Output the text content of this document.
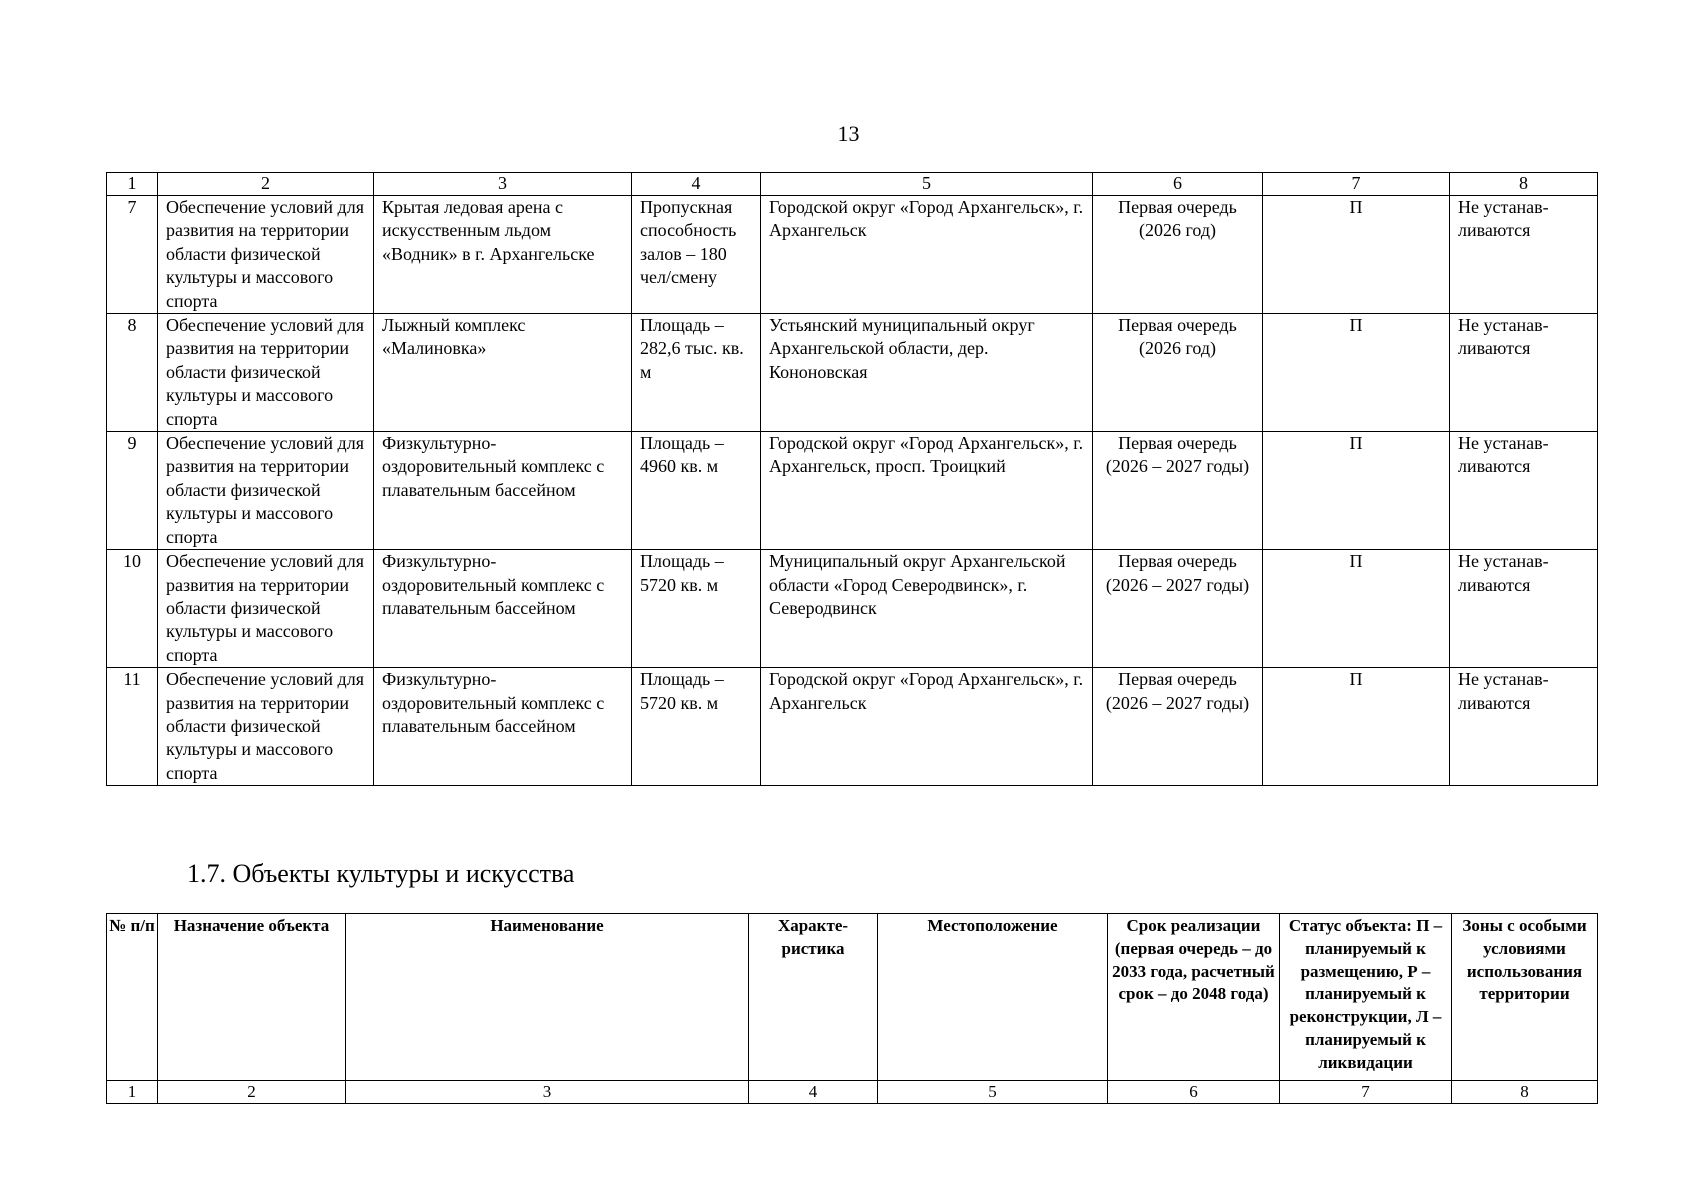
13
1	2	3	4	5	6	7	8
7	Обеспечение условий для развития на территории области физической культуры и массового спорта	Крытая ледовая арена с искусственным льдом «Водник» в г. Архангельске	Пропускная способность залов – 180 чел/смену	Городской округ «Город Архангельск», г. Архангельск	Первая очередь (2026 год)	П	Не устанав-ливаются
8	Обеспечение условий для развития на территории области физической культуры и массового спорта	Лыжный комплекс «Малиновка»	Площадь – 282,6 тыс. кв. м	Устьянский муниципальный округ Архангельской области, дер. Кононовская	Первая очередь (2026 год)	П	Не устанав-ливаются
9	Обеспечение условий для развития на территории области физической культуры и массового спорта	Физкультурно-оздоровительный комплекс с плавательным бассейном	Площадь – 4960 кв. м	Городской округ «Город Архангельск», г. Архангельск, просп. Троицкий	Первая очередь (2026 – 2027 годы)	П	Не устанав-ливаются
10	Обеспечение условий для развития на территории области физической культуры и массового спорта	Физкультурно-оздоровительный комплекс с плавательным бассейном	Площадь – 5720 кв. м	Муниципальный округ Архангельской области «Город Северодвинск», г. Северодвинск	Первая очередь (2026 – 2027 годы)	П	Не устанав-ливаются
11	Обеспечение условий для развития на территории области физической культуры и массового спорта	Физкультурно-оздоровительный комплекс с плавательным бассейном	Площадь – 5720 кв. м	Городской округ «Город Архангельск», г. Архангельск	Первая очередь (2026 – 2027 годы)	П	Не устанав-ливаются
1.7. Объекты культуры и искусства
№ п/п	Назначение объекта	Наименование	Характе-ристика	Местоположение	Срок реализации (первая очередь – до 2033 года, расчетный срок – до 2048 года)	Статус объекта: П – планируемый к размещению, Р – планируемый к реконструкции, Л – планируемый к ликвидации	Зоны с особыми условиями использования территории
1	2	3	4	5	6	7	8
